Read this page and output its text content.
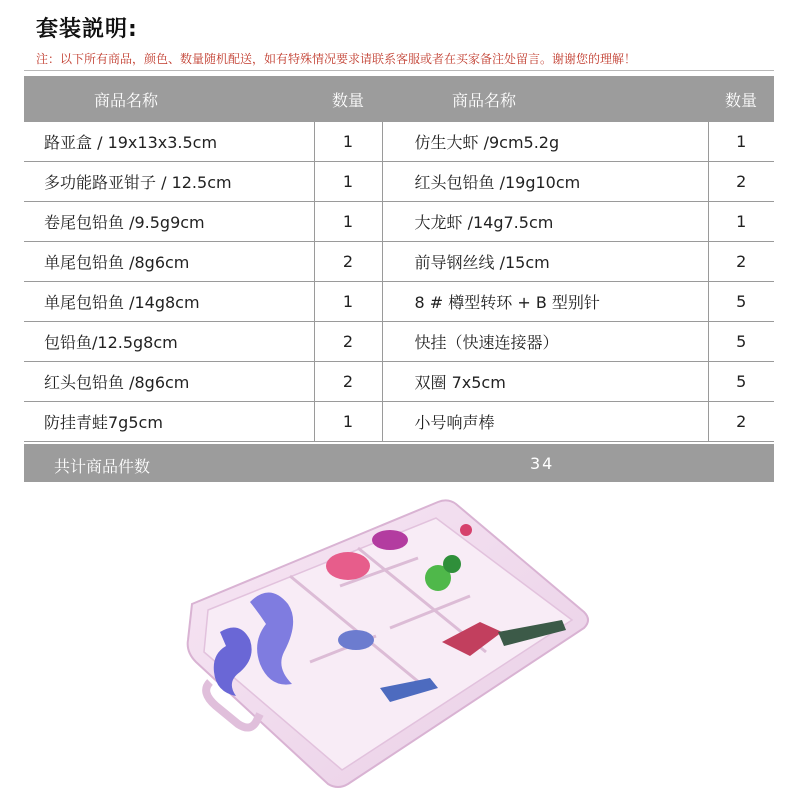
套装説明:
注：以下所有商品，颜色、数量随机配送，如有特殊情况要求请联系客服或者在买家备注处留言。谢谢您的理解！
商品名称	数量	商品名称	数量
路亚盒 / 19x13x3.5cm	1	仿生大虾 /9cm5.2g	1
多功能路亚钳子 / 12.5cm	1	红头包铅鱼 /19g10cm	2
卷尾包铅鱼 /9.5g9cm	1	大龙虾 /14g7.5cm	1
单尾包铅鱼 /8g6cm	2	前导钢丝线 /15cm	2
单尾包铅鱼 /14g8cm	1	8 # 樽型转环 + B 型别针	5
包铅鱼/12.5g8cm	2	快挂（快速连接器）	5
红头包铅鱼 /8g6cm	2	双圈 7x5cm	5
防挂青蛙7g5cm	1	小号响声棒	2
共计商品件数	34
